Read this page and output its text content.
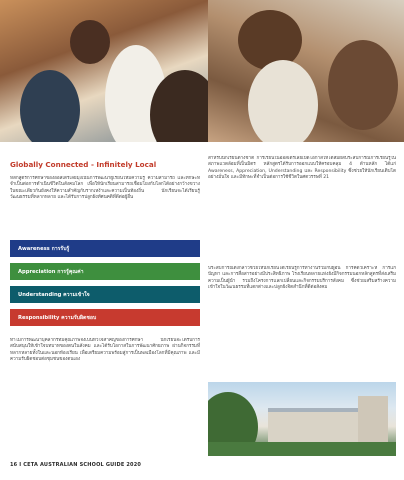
Globally Connected - Infinitely Local
หลักสูตรการศึกษาของออสเตรเลียมุ่งเน้นการพัฒนาผู้เรียนให้มีความรู้ ความสามารถ และทักษะที่จำเป็นต่อการดำเนินชีวิตในสังคมโลก เพื่อให้นักเรียนสามารถเชื่อมโยงกับโลกได้อย่างกว้างขวาง ในขณะเดียวกันยังคงให้ความสำคัญกับรากเหง้าและความเป็นท้องถิ่น นักเรียนจะได้เรียนรู้วัฒนธรรมที่หลากหลาย และได้รับการปลูกฝังทัศนคติที่ดีต่อผู้อื่น
Awareness
การรับรู้
Appreciation
การรู้คุณค่า
Understanding
ความเข้าใจ
Responsibility
ความรับผิดชอบ
ทำไมการพัฒนาบุคลากรที่มีคุณภาพจึงเป็นหัวใจสำคัญของการศึกษา นักเรียนจะได้รับการสนับสนุนให้เข้าใจบทบาทของตนในสังคม และได้รับโอกาสในการพัฒนาศักยภาพ ผ่านกิจกรรมที่หลากหลายทั้งในและนอกห้องเรียน เพื่อเตรียมความพร้อมสู่การเป็นพลเมืองโลกที่มีคุณภาพ และมีความรับผิดชอบต่อชุมชนของตนเอง
สำหรับนักเรียนต่างชาติ การเรียนในออสเตรเลียเปิดโอกาสให้ได้สัมผัสประสบการณ์การเรียนรู้ในสภาพแวดล้อมที่เป็นมิตร หลักสูตรได้รับการออกแบบให้ครอบคลุม 4 ด้านหลัก ได้แก่ Awareness, Appreciation, Understanding และ Responsibility ซึ่งช่วยให้นักเรียนเติบโตอย่างมั่นใจ และมีทักษะที่จำเป็นต่อการใช้ชีวิตในศตวรรษที่ 21
ประสบการณ์ดังกล่าวช่วยให้นักเรียนได้เรียนรู้การทำงานร่วมกับผู้อื่น การคิดวิเคราะห์ การแก้ปัญหา และการสื่อสารอย่างมีประสิทธิภาพ โรงเรียนหลายแห่งยังมีกิจกรรมนอกหลักสูตรที่ส่งเสริมความเป็นผู้นำ รวมถึงโครงการแลกเปลี่ยนและกิจกรรมบริการสังคม ซึ่งช่วยเสริมสร้างความเข้าใจในวัฒนธรรมที่แตกต่างและปลูกฝังจิตสำนึกที่ดีต่อสังคม
16 I CETA AUSTRALIAN SCHOOL GUIDE 2020
